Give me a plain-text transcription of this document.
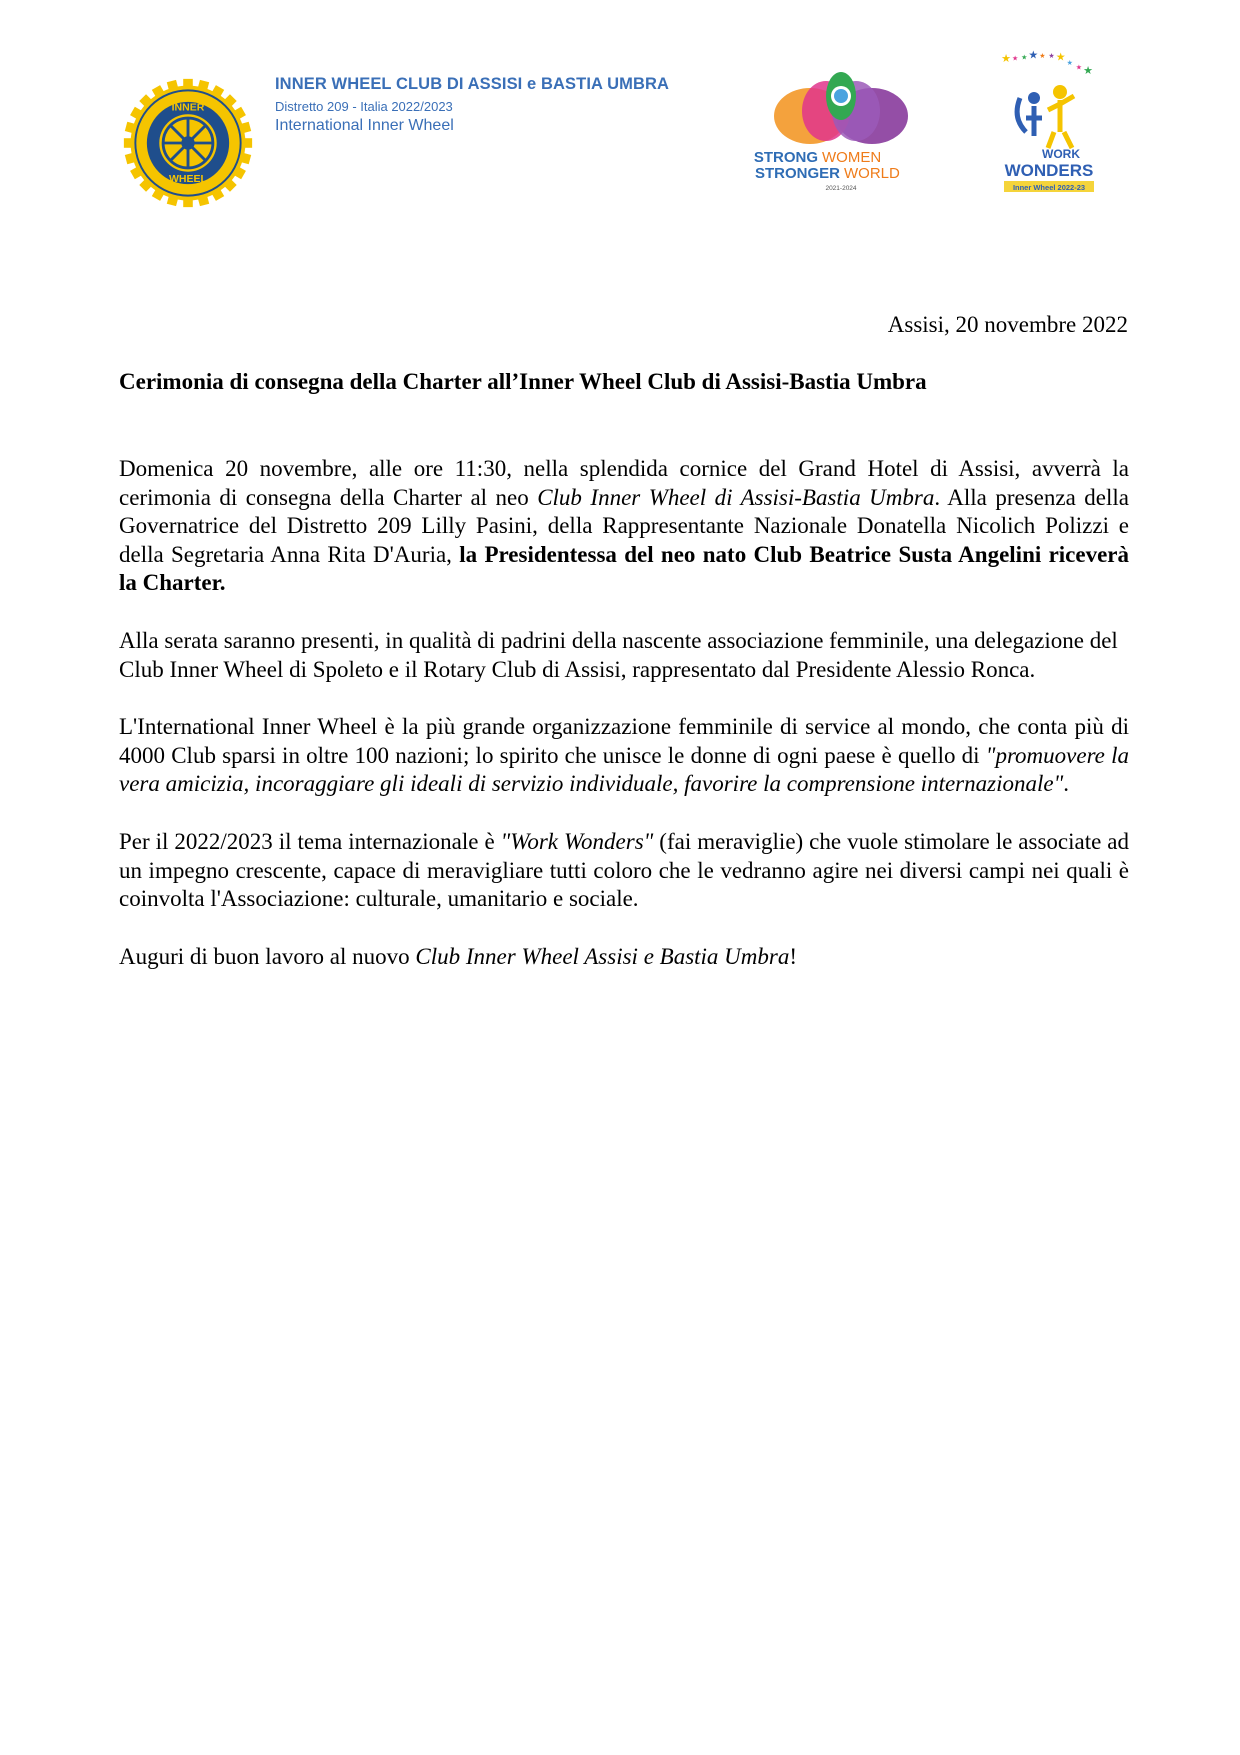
INNER
WHEEL
INNER WHEEL CLUB DI ASSISI e BASTIA UMBRA
Distretto 209 - Italia 2022/2023
International Inner Wheel
STRONG WOMEN
STRONGER WORLD
2021-2024
★ ★ ★ ★ ★ ★ ★ ★
★ ★
WORK
WONDERS
Inner Wheel 2022-23
Assisi, 20 novembre 2022
Cerimonia di consegna della Charter all’Inner Wheel Club di Assisi-Bastia Umbra

Domenica 20 novembre, alle ore 11:30, nella splendida cornice del Grand Hotel di Assisi, avverrà la cerimonia di consegna della Charter al neo Club Inner Wheel di Assisi-Bastia Umbra. Alla presenza della Governatrice del Distretto 209 Lilly Pasini, della Rappresentante Nazionale Donatella Nicolich Polizzi e della Segretaria Anna Rita D'Auria, la Presidentessa del neo nato Club Beatrice Susta Angelini riceverà la Charter.

Alla serata saranno presenti, in qualità di padrini della nascente associazione femminile, una delegazione del Club Inner Wheel di Spoleto e il Rotary Club di Assisi, rappresentato dal Presidente Alessio Ronca.

L'International Inner Wheel è la più grande organizzazione femminile di service al mondo, che conta più di 4000 Club sparsi in oltre 100 nazioni; lo spirito che unisce le donne di ogni paese è quello di "promuovere la vera amicizia, incoraggiare gli ideali di servizio individuale, favorire la comprensione internazionale".

Per il 2022/2023 il tema internazionale è "Work Wonders" (fai meraviglie) che vuole stimolare le associate ad un impegno crescente, capace di meravigliare tutti coloro che le vedranno agire nei diversi campi nei quali è coinvolta l'Associazione: culturale, umanitario e sociale.

Auguri di buon lavoro al nuovo Club Inner Wheel Assisi e Bastia Umbra!
